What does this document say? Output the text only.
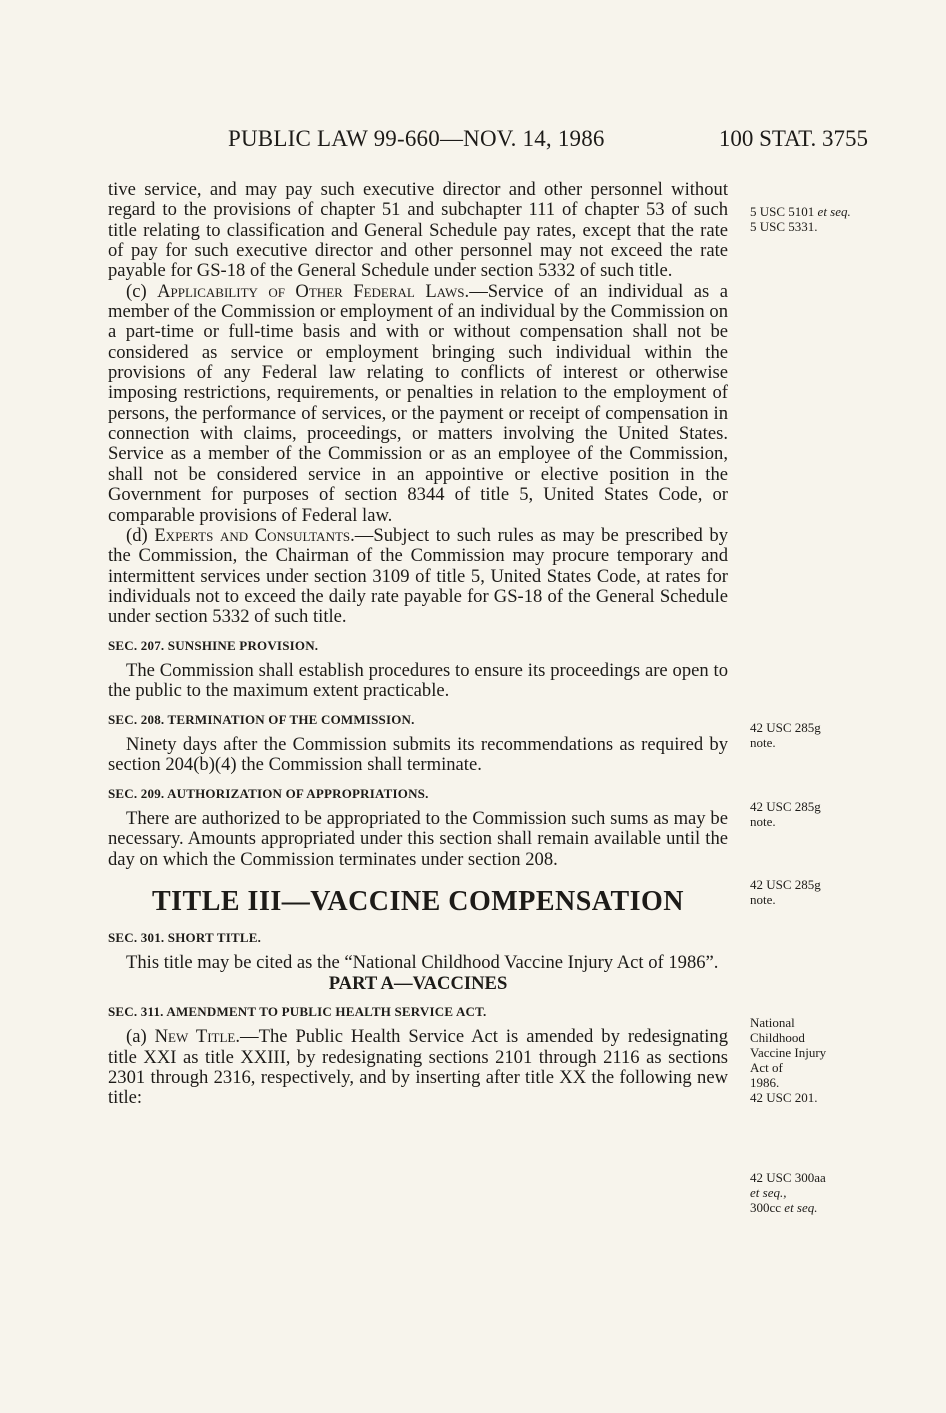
PUBLIC LAW 99-660—NOV. 14, 1986	100 STAT. 3755

tive service, and may pay such executive director and other personnel without regard to the provisions of chapter 51 and subchapter 111 of chapter 53 of such title relating to classification and General Schedule pay rates, except that the rate of pay for such executive director and other personnel may not exceed the rate payable for GS-18 of the General Schedule under section 5332 of such title.

(c) Applicability of Other Federal Laws.—Service of an individual as a member of the Commission or employment of an individual by the Commission on a part-time or full-time basis and with or without compensation shall not be considered as service or employment bringing such individual within the provisions of any Federal law relating to conflicts of interest or otherwise imposing restrictions, requirements, or penalties in relation to the employment of persons, the performance of services, or the payment or receipt of compensation in connection with claims, proceedings, or matters involving the United States. Service as a member of the Commission or as an employee of the Commission, shall not be considered service in an appointive or elective position in the Government for purposes of section 8344 of title 5, United States Code, or comparable provisions of Federal law.

(d) Experts and Consultants.—Subject to such rules as may be prescribed by the Commission, the Chairman of the Commission may procure temporary and intermittent services under section 3109 of title 5, United States Code, at rates for individuals not to exceed the daily rate payable for GS-18 of the General Schedule under section 5332 of such title.

SEC. 207. SUNSHINE PROVISION.

The Commission shall establish procedures to ensure its proceedings are open to the public to the maximum extent practicable.

SEC. 208. TERMINATION OF THE COMMISSION.

Ninety days after the Commission submits its recommendations as required by section 204(b)(4) the Commission shall terminate.

SEC. 209. AUTHORIZATION OF APPROPRIATIONS.

There are authorized to be appropriated to the Commission such sums as may be necessary. Amounts appropriated under this section shall remain available until the day on which the Commission terminates under section 208.

TITLE III—VACCINE COMPENSATION

SEC. 301. SHORT TITLE.

This title may be cited as the “National Childhood Vaccine Injury Act of 1986”.

PART A—VACCINES

SEC. 311. AMENDMENT TO PUBLIC HEALTH SERVICE ACT.

(a) New Title.—The Public Health Service Act is amended by redesignating title XXI as title XXIII, by redesignating sections 2101 through 2116 as sections 2301 through 2316, respectively, and by inserting after title XX the following new title:

5 USC 5101 et seq.

5 USC 5331.

42 USC 285g

note.

42 USC 285g

note.

42 USC 285g

note.

National

Childhood

Vaccine Injury

Act of

1986.

42 USC 201.

42 USC 300aa

et seq.,

300cc et seq.
